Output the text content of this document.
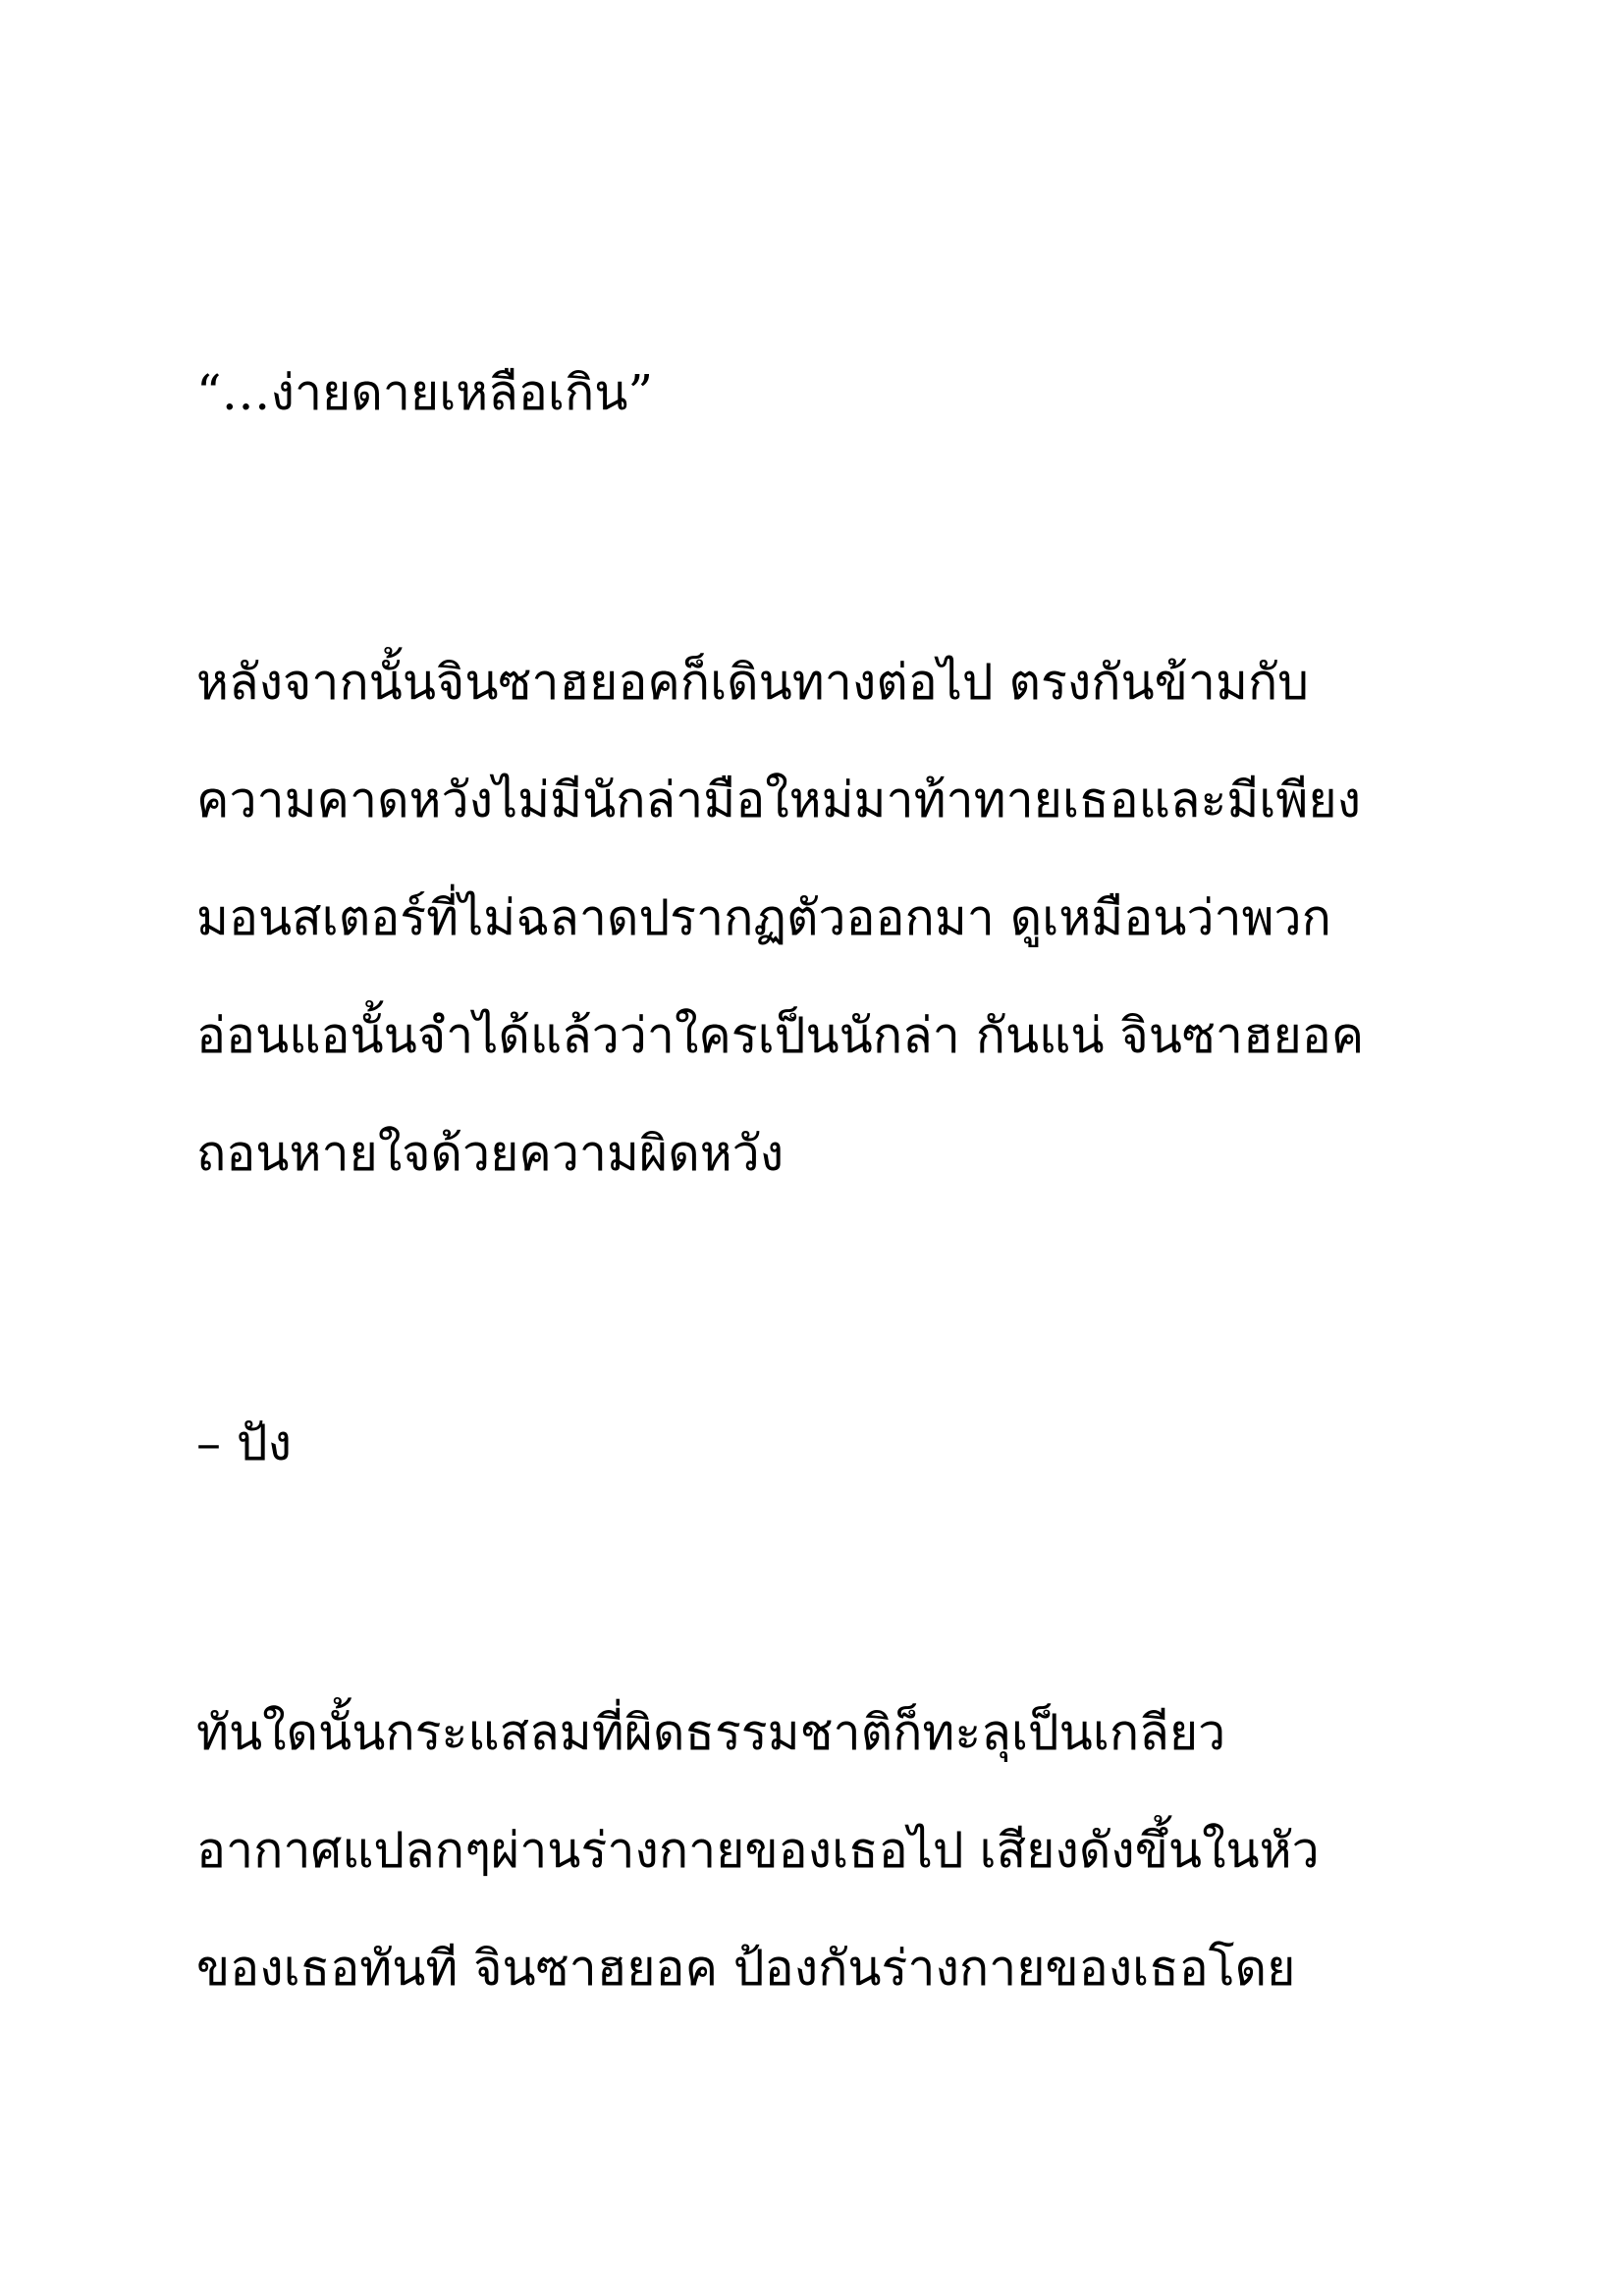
“…ง่ายดายเหลือเกิน”
หลังจากนั้นจินซาฮยอคก็เดินทางต่อไป ตรงกันข้ามกับ
ความคาดหวังไม่มีนักล่ามือใหม่มาท้าทายเธอและมีเพียง
มอนสเตอร์ที่ไม่ฉลาดปรากฏตัวออกมา ดูเหมือนว่าพวก
อ่อนแอนั้นจำได้แล้วว่าใครเป็นนักล่า กันแน่ จินซาฮยอค
ถอนหายใจด้วยความผิดหวัง
– ปัง
ทันใดนั้นกระแสลมที่ผิดธรรมชาติก็ทะลุเป็นเกลียว
อากาศแปลกๆผ่านร่างกายของเธอไป เสียงดังขึ้นในหัว
ของเธอทันที จินซาฮยอค ป้องกันร่างกายของเธอโดย
